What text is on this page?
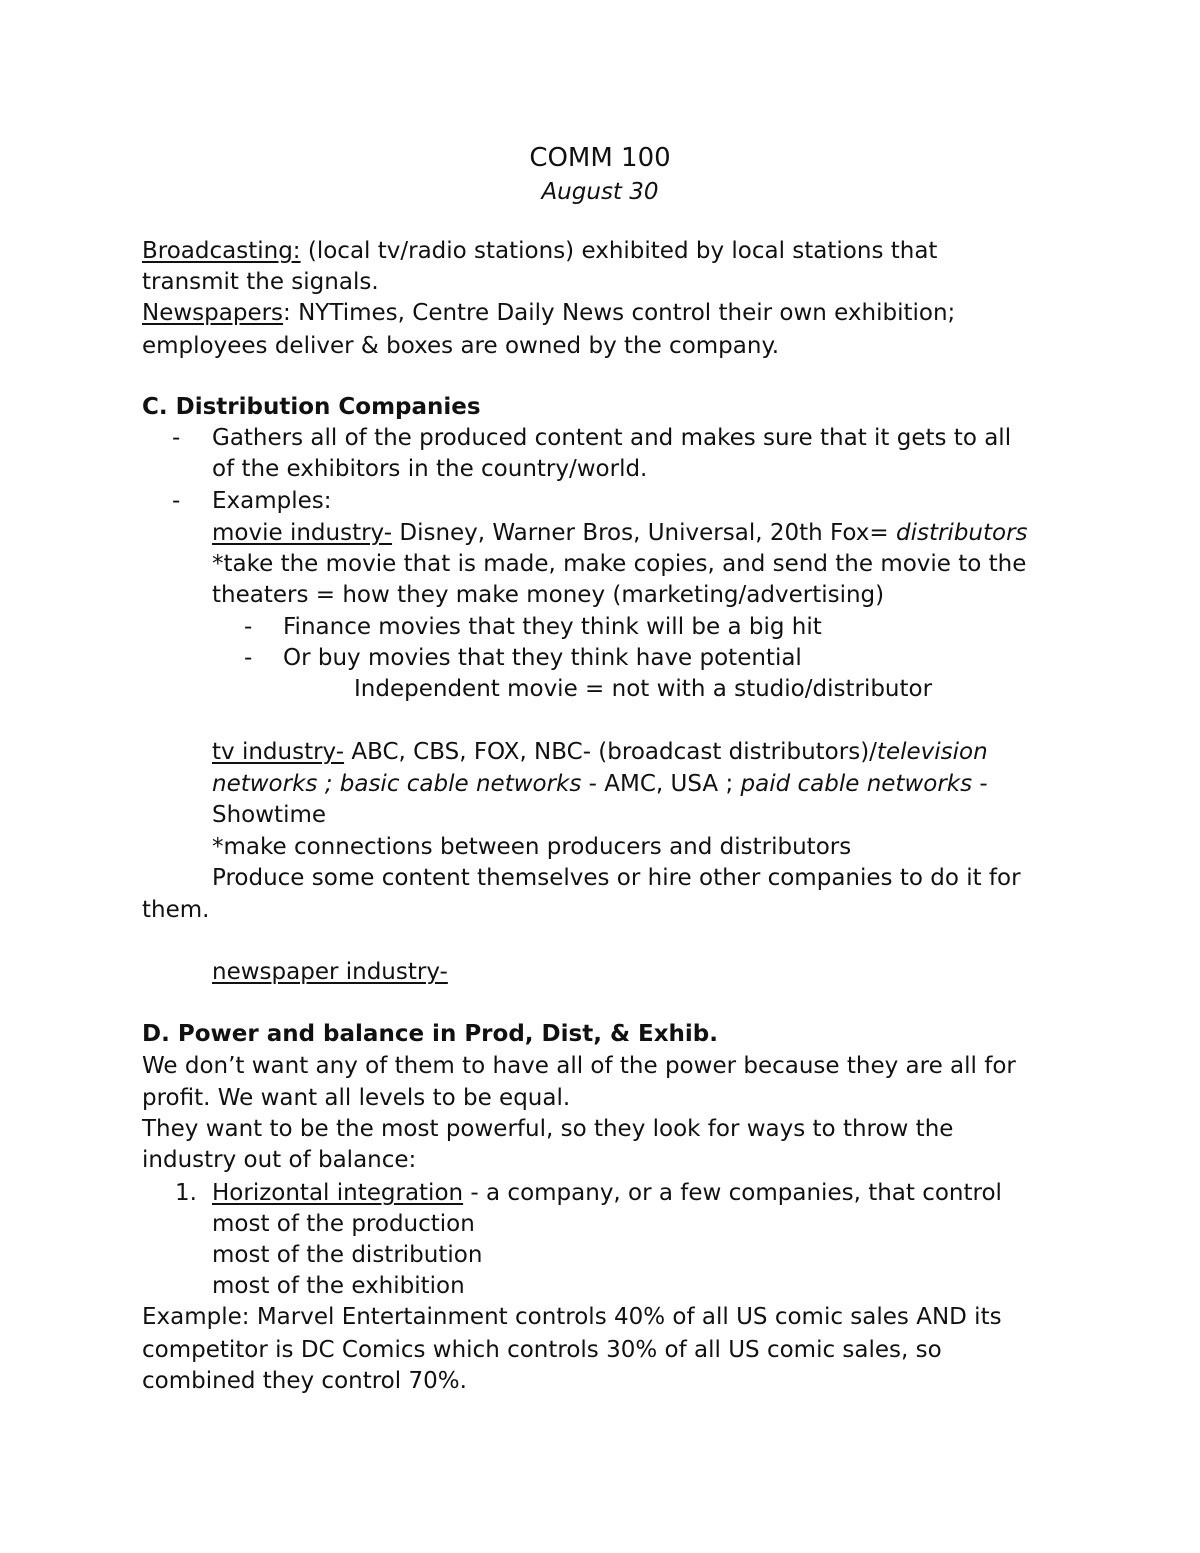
COMM 100
August 30
Broadcasting: (local tv/radio stations) exhibited by local stations that
transmit the signals.
Newspapers: NYTimes, Centre Daily News control their own exhibition;
employees deliver & boxes are owned by the company.
C. Distribution Companies
- Gathers all of the produced content and makes sure that it gets to all
of the exhibitors in the country/world.
- Examples:
movie industry- Disney, Warner Bros, Universal, 20th Fox= distributors
*take the movie that is made, make copies, and send the movie to the
theaters = how they make money (marketing/advertising)
- Finance movies that they think will be a big hit
- Or buy movies that they think have potential
Independent movie = not with a studio/distributor
tv industry- ABC, CBS, FOX, NBC- (broadcast distributors)/television
networks ; basic cable networks - AMC, USA ; paid cable networks -
Showtime
*make connections between producers and distributors
Produce some content themselves or hire other companies to do it for
them.
newspaper industry-
D. Power and balance in Prod, Dist, & Exhib.
We don’t want any of them to have all of the power because they are all for
profit. We want all levels to be equal.
They want to be the most powerful, so they look for ways to throw the
industry out of balance:
1. Horizontal integration - a company, or a few companies, that control
most of the production
most of the distribution
most of the exhibition
Example: Marvel Entertainment controls 40% of all US comic sales AND its
competitor is DC Comics which controls 30% of all US comic sales, so
combined they control 70%.
